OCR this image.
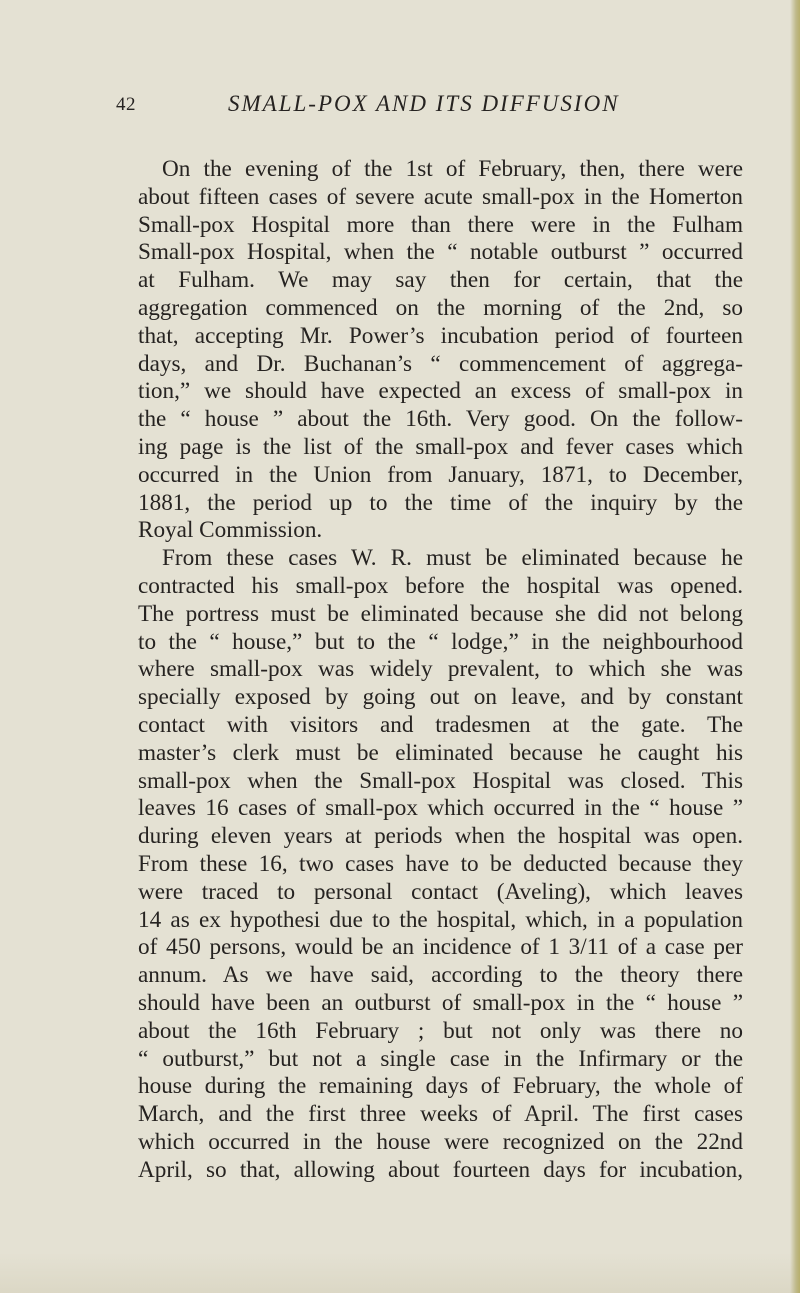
42	SMALL-POX AND ITS DIFFUSION
On the evening of the 1st of February, then, there were
about fifteen cases of severe acute small-pox in the Homerton
Small-pox Hospital more than there were in the Fulham
Small-pox Hospital, when the “ notable outburst ” occurred
at Fulham. We may say then for certain, that the
aggregation commenced on the morning of the 2nd, so
that, accepting Mr. Power’s incubation period of fourteen
days, and Dr. Buchanan’s “ commencement of aggrega-
tion,” we should have expected an excess of small-pox in
the “ house ” about the 16th. Very good. On the follow-
ing page is the list of the small-pox and fever cases which
occurred in the Union from January, 1871, to December,
1881, the period up to the time of the inquiry by the
Royal Commission.
From these cases W. R. must be eliminated because he
contracted his small-pox before the hospital was opened.
The portress must be eliminated because she did not belong
to the “ house,” but to the “ lodge,” in the neighbourhood
where small-pox was widely prevalent, to which she was
specially exposed by going out on leave, and by constant
contact with visitors and tradesmen at the gate. The
master’s clerk must be eliminated because he caught his
small-pox when the Small-pox Hospital was closed. This
leaves 16 cases of small-pox which occurred in the “ house ”
during eleven years at periods when the hospital was open.
From these 16, two cases have to be deducted because they
were traced to personal contact (Aveling), which leaves
14 as ex hypothesi due to the hospital, which, in a population
of 450 persons, would be an incidence of 1 3/11 of a case per
annum. As we have said, according to the theory there
should have been an outburst of small-pox in the “ house ”
about the 16th February ; but not only was there no
“ outburst,” but not a single case in the Infirmary or the
house during the remaining days of February, the whole of
March, and the first three weeks of April. The first cases
which occurred in the house were recognized on the 22nd
April, so that, allowing about fourteen days for incubation,
